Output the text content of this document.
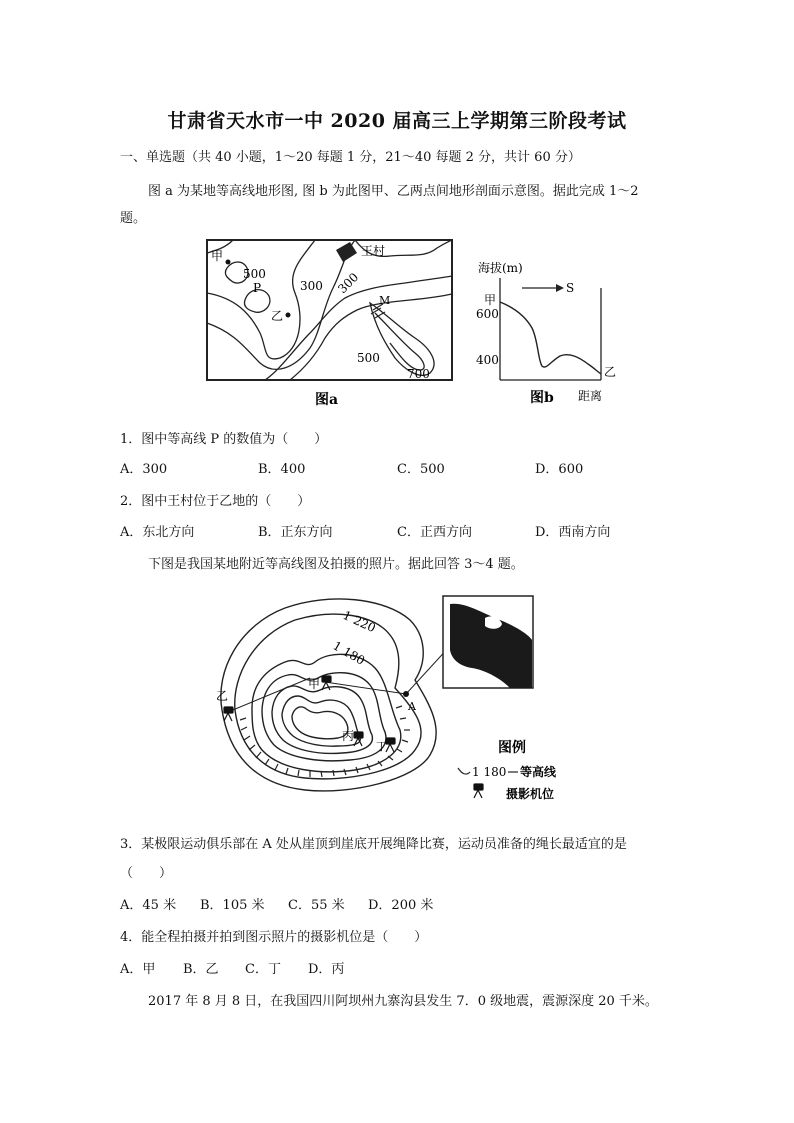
甘肃省天水市一中 2020 届高三上学期第三阶段考试
一、单选题（共 40 小题，1～20 每题 1 分，21～40 每题 2 分，共计 60 分）
图 a 为某地等高线地形图, 图 b 为此图甲、乙两点间地形剖面示意图。据此完成 1～2
题。
甲
500
P
乙
300 300
王村
M
500
700
图a
海拔(m)
S
甲
600
400
乙
图b 距离
1．图中等高线 P 的数值为（　　）
A．300	B．400	C．500	D．600
2．图中王村位于乙地的（　　）
A．东北方向	B．正东方向	C．正西方向	D．西南方向
下图是我国某地附近等高线图及拍摄的照片。据此回答 3～4 题。
1 220
1 180
乙
甲
丙
丁
A
图例
1 180 等高线
摄影机位
3．某极限运动俱乐部在 A 处从崖顶到崖底开展绳降比赛，运动员准备的绳长最适宜的是
（　　）
A．45 米 B．105 米 C．55 米 D．200 米
4．能全程拍摄并拍到图示照片的摄影机位是（　　）
A．甲 B．乙 C．丁 D．丙
2017 年 8 月 8 日，在我国四川阿坝州九寨沟县发生 7．0 级地震，震源深度 20 千米。
